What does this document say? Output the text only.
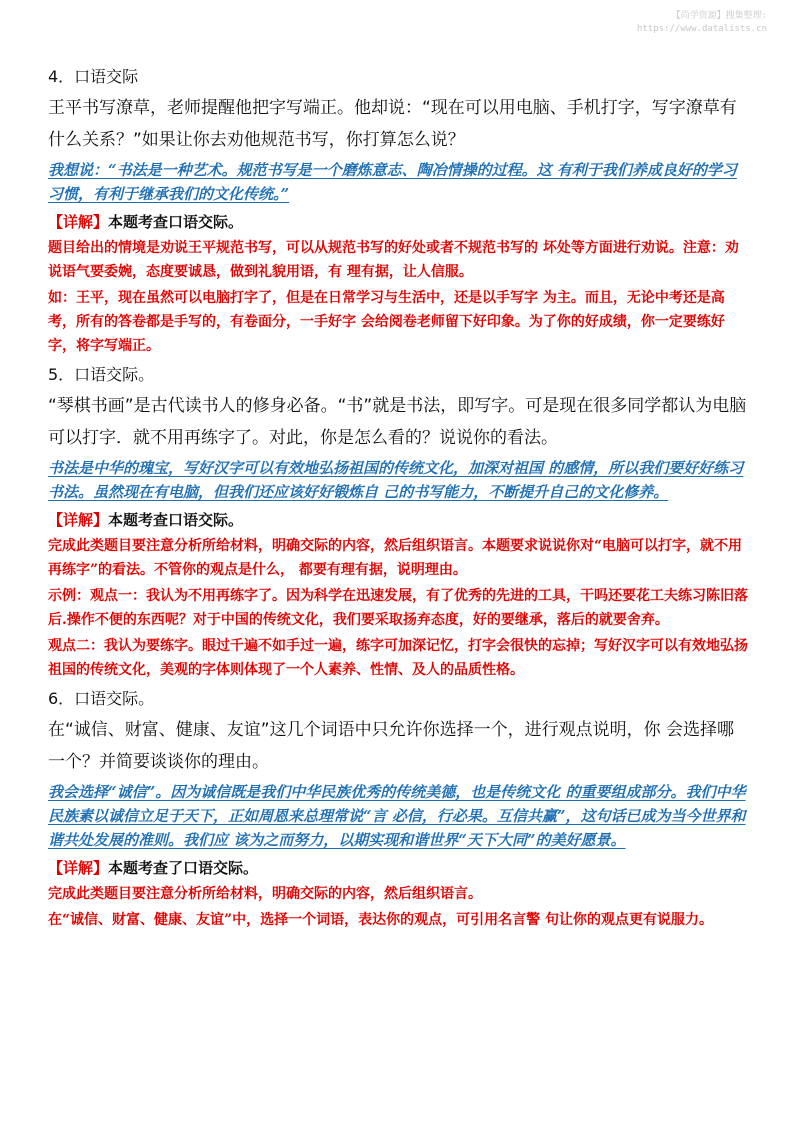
【尚学资源】搜集整理:
https://www.datalists.cn
4．口语交际
王平书写潦草，老师提醒他把字写端正。他却说：“现在可以用电脑、手机打字，写字潦草有什么关系？”如果让你去劝他规范书写，你打算怎么说？
我想说：“书法是一种艺术。规范书写是一个磨炼意志、陶冶情操的过程。这 有利于我们养成良好的学习习惯，有利于继承我们的文化传统。”
【详解】本题考查口语交际。
题目给出的情境是劝说王平规范书写，可以从规范书写的好处或者不规范书写的 坏处等方面进行劝说。注意：劝说语气要委婉，态度要诚恳，做到礼貌用语，有 理有据，让人信服。
如：王平，现在虽然可以电脑打字了，但是在日常学习与生活中，还是以手写字 为主。而且，无论中考还是高考，所有的答卷都是手写的，有卷面分，一手好字 会给阅卷老师留下好印象。为了你的好成绩，你一定要练好字，将字写端正。
5．口语交际。
“琴棋书画”是古代读书人的修身必备。“书”就是书法，即写字。可是现在很多同学都认为电脑可以打字．就不用再练字了。对此，你是怎么看的？说说你的看法。
书法是中华的瑰宝，写好汉字可以有效地弘扬祖国的传统文化，加深对祖国 的感情，所以我们要好好练习书法。虽然现在有电脑，但我们还应该好好锻炼自 己的书写能力，不断提升自己的文化修养。
【详解】本题考查口语交际。
完成此类题目要注意分析所给材料，明确交际的内容，然后组织语言。本题要求说说你对“电脑可以打字，就不用再练字”的看法。不管你的观点是什么， 都要有理有据，说明理由。
示例：观点一：我认为不用再练字了。因为科学在迅速发展，有了优秀的先进的工具，干吗还要花工夫练习陈旧落后.操作不便的东西呢？对于中国的传统文化，我们要采取扬弃态度，好的要继承，落后的就要舍弃。
观点二：我认为要练字。眼过千遍不如手过一遍，练字可加深记忆，打字会很快的忘掉；写好汉字可以有效地弘扬祖国的传统文化，美观的字体则体现了一个人素养、性情、及人的品质性格。
6．口语交际。
在“诚信、财富、健康、友谊”这几个词语中只允许你选择一个，进行观点说明，你 会选择哪一个？并简要谈谈你的理由。
我会选择“诚信”。因为诚信既是我们中华民族优秀的传统美德，也是传统文化 的重要组成部分。我们中华民族素以诚信立足于天下，正如周恩来总理常说“言 必信，行必果。互信共赢”，这句话已成为当今世界和谐共处发展的准则。我们应 该为之而努力，以期实现和谐世界“天下大同”的美好愿景。
【详解】本题考查了口语交际。
完成此类题目要注意分析所给材料，明确交际的内容，然后组织语言。
在“诚信、财富、健康、友谊”中，选择一个词语，表达你的观点，可引用名言警 句让你的观点更有说服力。
